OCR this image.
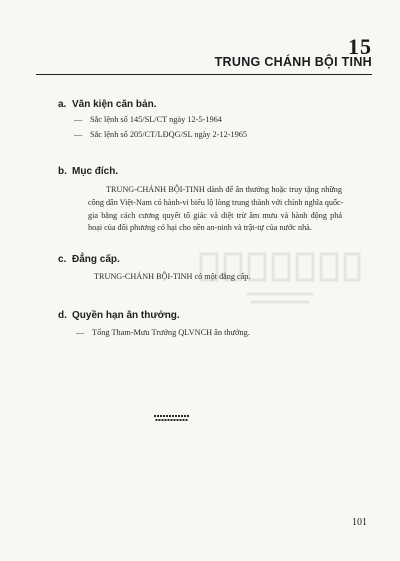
15
TRUNG CHÁNH BỘI TINH
a. Văn kiện căn bản.
— Sắc lệnh số 145/SL/CT ngày 12-5-1964
— Sắc lệnh số 205/CT/LĐQG/SL ngày 2-12-1965
b. Mục đích.
TRUNG-CHÁNH BỘI-TINH dành để ân thưởng hoặc truy tặng những
công dân Việt-Nam có hành-vi biểu lộ lòng trung thành với chính nghĩa quốc-
gia bằng cách cương quyết tố giác và diệt trừ âm mưu và hành động phá
hoại của đối phương có hại cho nền an-ninh và trật-tự của nước nhà.
c. Đẳng cấp.
TRUNG-CHÁNH BỘI-TINH có một đẳng cấp.
d. Quyền hạn ân thưởng.
— Tổng Tham-Mưu Trưởng QLVNCH ân thưởng.
101
